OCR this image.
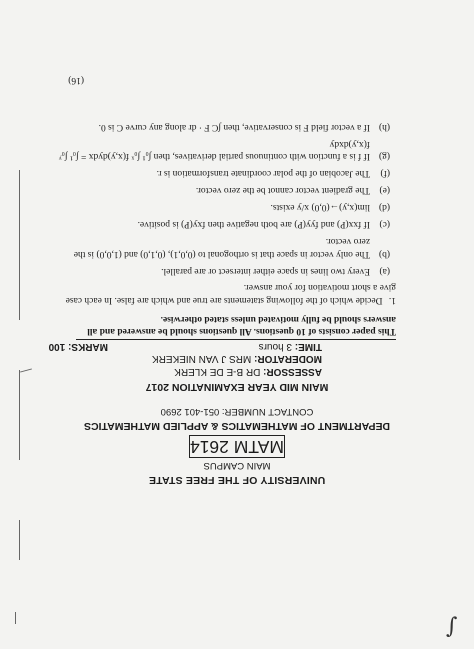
UNIVERSITY OF THE FREE STATE
MAIN CAMPUS
MATM 2614
DEPARTMENT OF MATHEMATICS & APPLIED MATHEMATICS
CONTACT NUMBER: 051-401 2690
MAIN MID YEAR EXAMINATION 2017
ASSESSOR: DR B-E DE KLERK
MODERATOR: MRS J VAN NIEKERK
TIME: 3 hours
MARKS: 100
This paper consists of 10 questions. All questions should be answered and all answers should be fully motivated unless stated otherwise.

1. Decide which of the following statements are true and which are false. In each case give a short motivation for your answer.

(a)
Every two lines in space either intersect or are parallel.
(b)
The only vector in space that is orthogonal to (0,0,1), (0,1,0) and (1,0,0) is the zero vector.
(c)
If fxx(P) and fyy(P) are both negative then fxy(P) is positive.
(d)
lim(x,y)→(0,0) x/y exists.
(e)
The gradient vector cannot be the zero vector.
(f)
The Jacobian of the polar coordinate transformation is r.
(g)
If f is a function with continuous partial derivatives, then ∫₀¹ ∫₀ˣ f(x,y)dydx = ∫₀¹ ∫₀ʸ f(x,y)dxdy
(h)
If a vector field F is conservative, then ∫C F · dr along any curve C is 0.
(16)
∫
